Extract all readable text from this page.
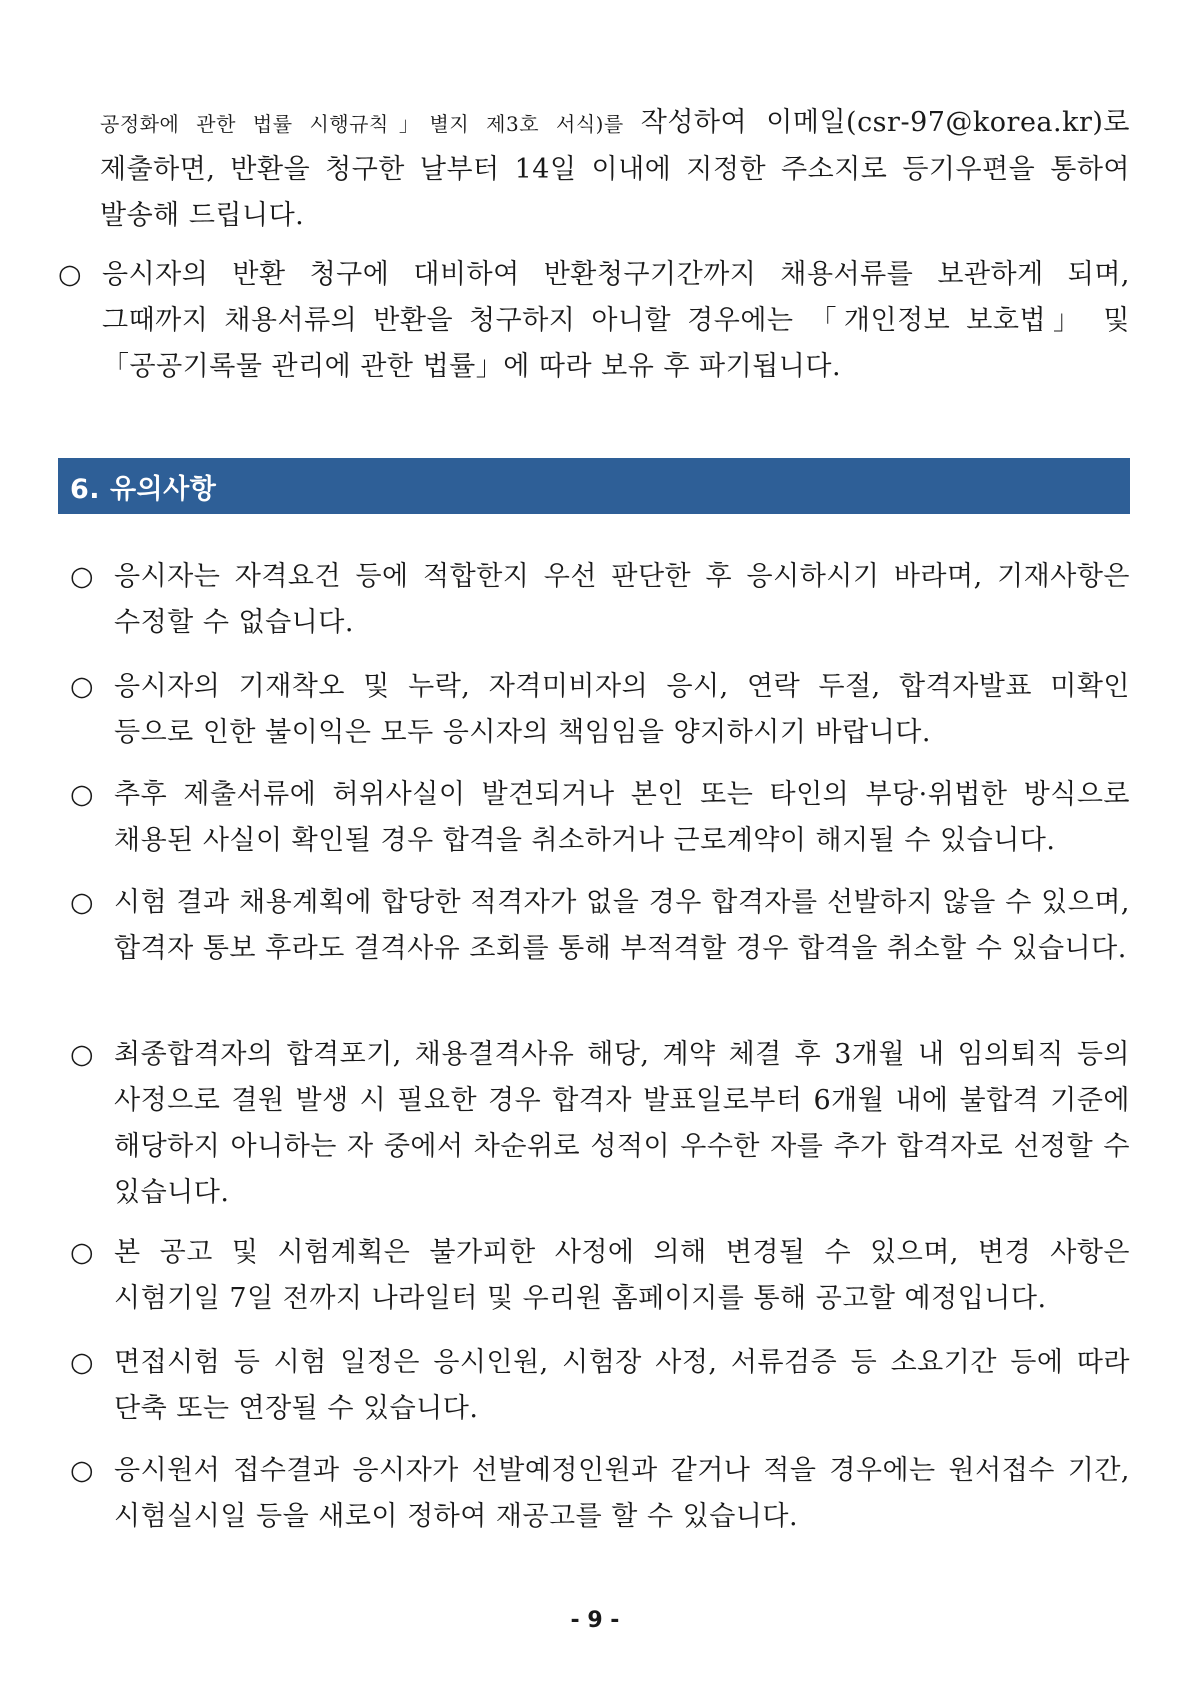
공정화에 관한 법률 시행규칙」별지 제3호 서식)를 작성하여 이메일(csr-97@korea.kr)로 제출하면, 반환을 청구한 날부터 14일 이내에 지정한 주소지로 등기우편을 통하여 발송해 드립니다.
○ 응시자의 반환 청구에 대비하여 반환청구기간까지 채용서류를 보관하게 되며, 그때까지 채용서류의 반환을 청구하지 아니할 경우에는 「개인정보 보호법」 및 「공공기록물 관리에 관한 법률」에 따라 보유 후 파기됩니다.
6. 유의사항
○ 응시자는 자격요건 등에 적합한지 우선 판단한 후 응시하시기 바라며, 기재사항은 수정할 수 없습니다.
○ 응시자의 기재착오 및 누락, 자격미비자의 응시, 연락 두절, 합격자발표 미확인 등으로 인한 불이익은 모두 응시자의 책임임을 양지하시기 바랍니다.
○ 추후 제출서류에 허위사실이 발견되거나 본인 또는 타인의 부당·위법한 방식으로 채용된 사실이 확인될 경우 합격을 취소하거나 근로계약이 해지될 수 있습니다.
○ 시험 결과 채용계획에 합당한 적격자가 없을 경우 합격자를 선발하지 않을 수 있으며, 합격자 통보 후라도 결격사유 조회를 통해 부적격할 경우 합격을 취소할 수 있습니다.
○ 최종합격자의 합격포기, 채용결격사유 해당, 계약 체결 후 3개월 내 임의퇴직 등의 사정으로 결원 발생 시 필요한 경우 합격자 발표일로부터 6개월 내에 불합격 기준에 해당하지 아니하는 자 중에서 차순위로 성적이 우수한 자를 추가 합격자로 선정할 수 있습니다.
○ 본 공고 및 시험계획은 불가피한 사정에 의해 변경될 수 있으며, 변경 사항은 시험기일 7일 전까지 나라일터 및 우리원 홈페이지를 통해 공고할 예정입니다.
○ 면접시험 등 시험 일정은 응시인원, 시험장 사정, 서류검증 등 소요기간 등에 따라 단축 또는 연장될 수 있습니다.
○ 응시원서 접수결과 응시자가 선발예정인원과 같거나 적을 경우에는 원서접수 기간, 시험실시일 등을 새로이 정하여 재공고를 할 수 있습니다.
- 9 -
